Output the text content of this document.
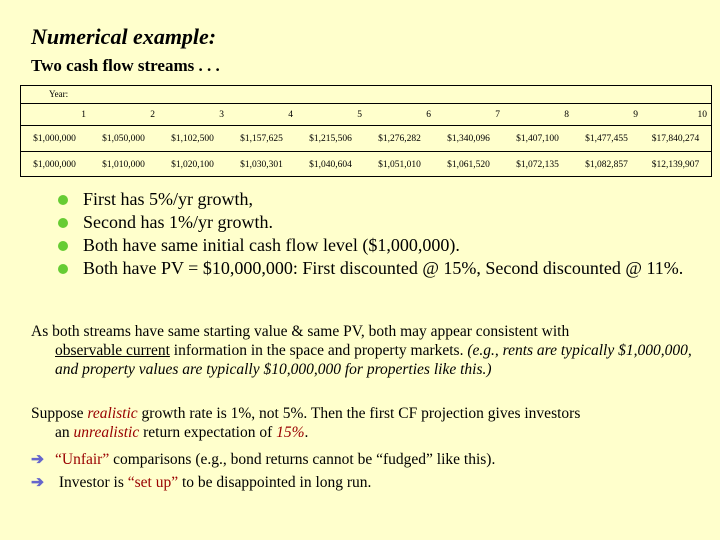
Numerical example:
Two cash flow streams . . .
Year:
1	2	3	4	5	6	7	8	9	10
$1,000,000	$1,050,000	$1,102,500	$1,157,625	$1,215,506	$1,276,282	$1,340,096	$1,407,100	$1,477,455	$17,840,274
$1,000,000	$1,010,000	$1,020,100	$1,030,301	$1,040,604	$1,051,010	$1,061,520	$1,072,135	$1,082,857	$12,139,907
First has 5%/yr growth,
Second has 1%/yr growth.
Both have same initial cash flow level ($1,000,000).
Both have PV = $10,000,000: First discounted @ 15%, Second discounted @ 11%.

As both streams have same starting value & same PV, both may appear consistent with
observable current information in the space and property markets. (e.g., rents are typically $1,000,000, and property values are typically $10,000,000 for properties like this.)

Suppose realistic growth rate is 1%, not 5%. Then the first CF projection gives investors
an unrealistic return expectation of 15%.

➔ “Unfair” comparisons (e.g., bond returns cannot be “fudged” like this).
➔ Investor is “set up” to be disappointed in long run.
